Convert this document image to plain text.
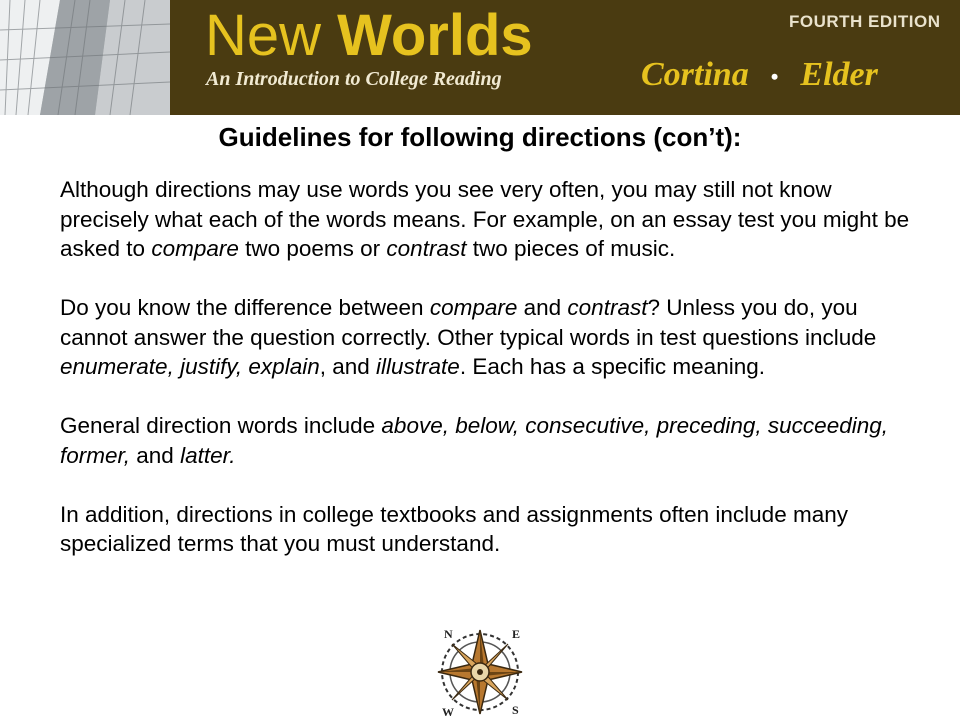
New Worlds
An Introduction to College Reading
FOURTH EDITION
Cortina • Elder
Guidelines for following directions (con’t):

Although directions may use words you see very often, you may still not know precisely what each of the words means. For example, on an essay test you might be asked to compare two poems or contrast two pieces of music.

Do you know the difference between compare and contrast? Unless you do, you cannot answer the question correctly. Other typical words in test questions include enumerate, justify, explain, and illustrate. Each has a specific meaning.

General direction words include above, below, consecutive, preceding, succeeding, former, and latter.

In addition, directions in college textbooks and assignments often include many specialized terms that you must understand.

N	E
S
W
